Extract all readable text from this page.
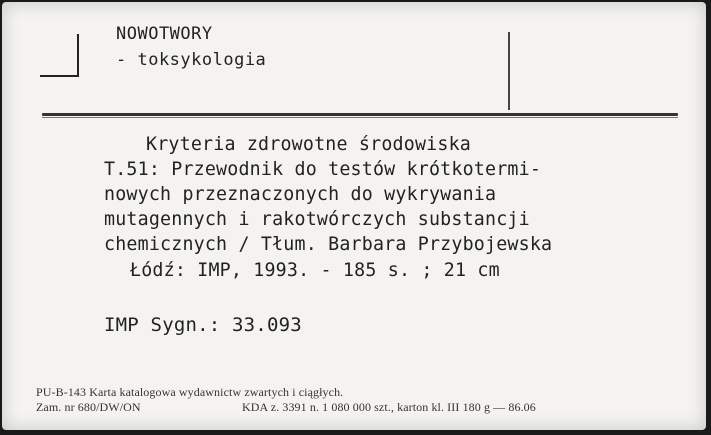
NOWOTWORY
- toksykologia
Kryteria zdrowotne środowiska
T.51: Przewodnik do testów krótkotermi-
nowych przeznaczonych do wykrywania
mutagennych i rakotwórczych substancji
chemicznych / Tłum. Barbara Przybojewska
Łódź: IMP, 1993. - 185 s. ; 21 cm
IMP Sygn.: 33.093
PU-B-143 Karta katalogowa wydawnictw zwartych i ciągłych.
Zam. nr 680/DW/ON	KDA z. 3391 n. 1 080 000 szt., karton kl. III 180 g — 86.06
